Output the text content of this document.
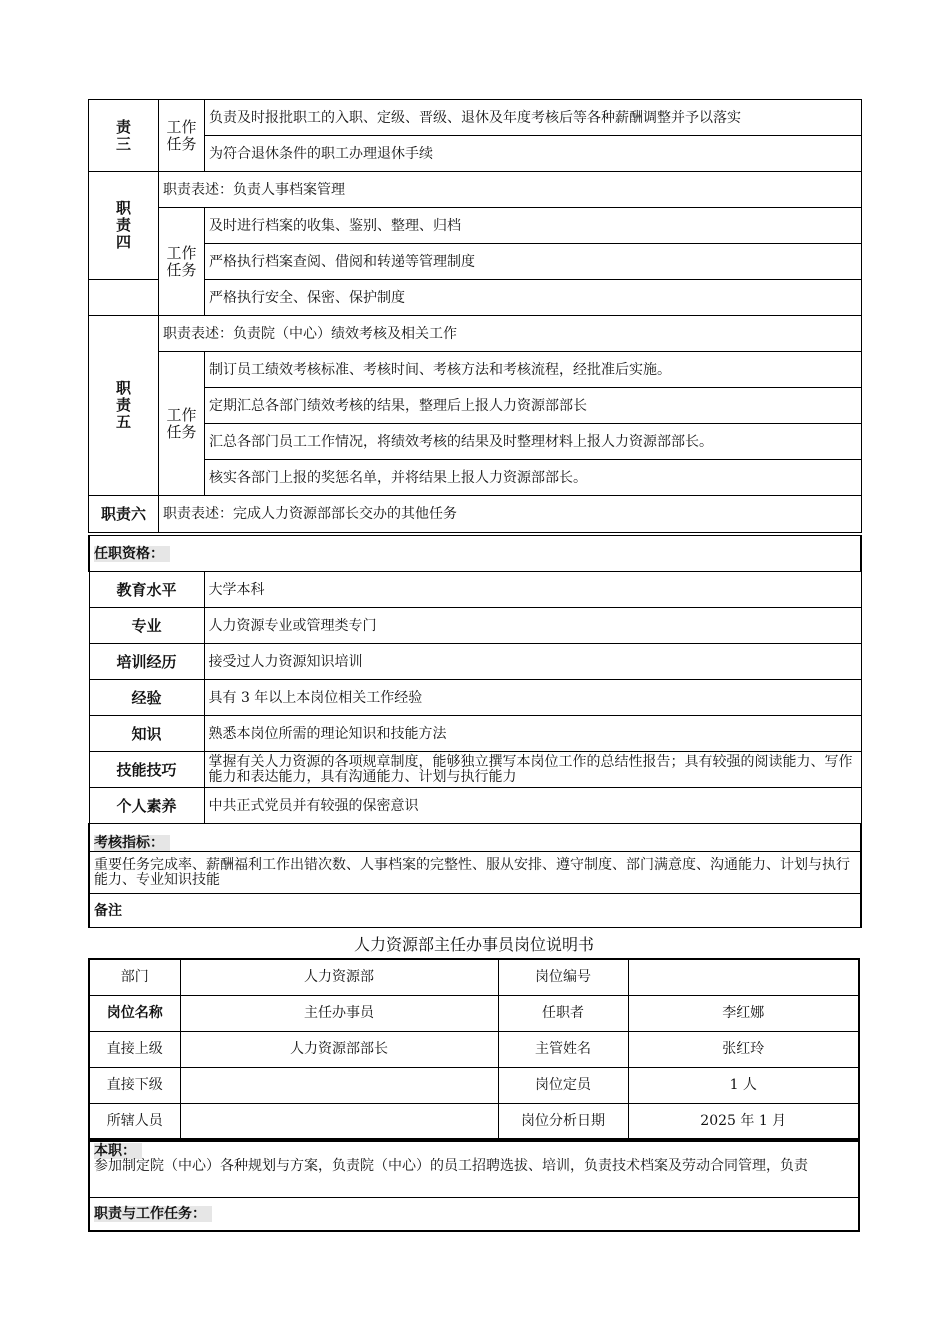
责三	工作任务	负责及时报批职工的入职、定级、晋级、退休及年度考核后等各种薪酬调整并予以落实
		为符合退休条件的职工办理退休手续
职责四	职责表述：负责人事档案管理	
	工作任务	及时进行档案的收集、鉴别、整理、归档
		严格执行档案查阅、借阅和转递等管理制度
		严格执行安全、保密、保护制度
职责五	职责表述：负责院（中心）绩效考核及相关工作	
	工作任务	制订员工绩效考核标准、考核时间、考核方法和考核流程，经批准后实施。
		定期汇总各部门绩效考核的结果，整理后上报人力资源部部长
		汇总各部门员工工作情况，将绩效考核的结果及时整理材料上报人力资源部部长。
		核实各部门上报的奖惩名单，并将结果上报人力资源部部长。
职责六	职责表述：完成人力资源部部长交办的其他任务	
任职资格：	
教育水平	大学本科
专业	人力资源专业或管理类专门
培训经历	接受过人力资源知识培训
经验	具有 3 年以上本岗位相关工作经验
知识	熟悉本岗位所需的理论知识和技能方法
技能技巧	掌握有关人力资源的各项规章制度，能够独立撰写本岗位工作的总结性报告；具有较强的阅读能力、写作能力和表达能力，具有沟通能力、计划与执行能力
个人素养	中共正式党员并有较强的保密意识
考核指标：
重要任务完成率、薪酬福利工作出错次数、人事档案的完整性、服从安排、遵守制度、部门满意度、沟通能力、计划与执行能力、专业知识技能
备注
人力资源部主任办事员岗位说明书
部门	人力资源部	岗位编号	
岗位名称	主任办事员	任职者	李红娜
直接上级	人力资源部部长	主管姓名	张红玲
直接下级		岗位定员	1 人
所辖人员		岗位分析日期	2025 年 1 月
本职：
参加制定院（中心）各种规划与方案，负责院（中心）的员工招聘选拔、培训，负责技术档案及劳动合同管理，负责

职责与工作任务：
